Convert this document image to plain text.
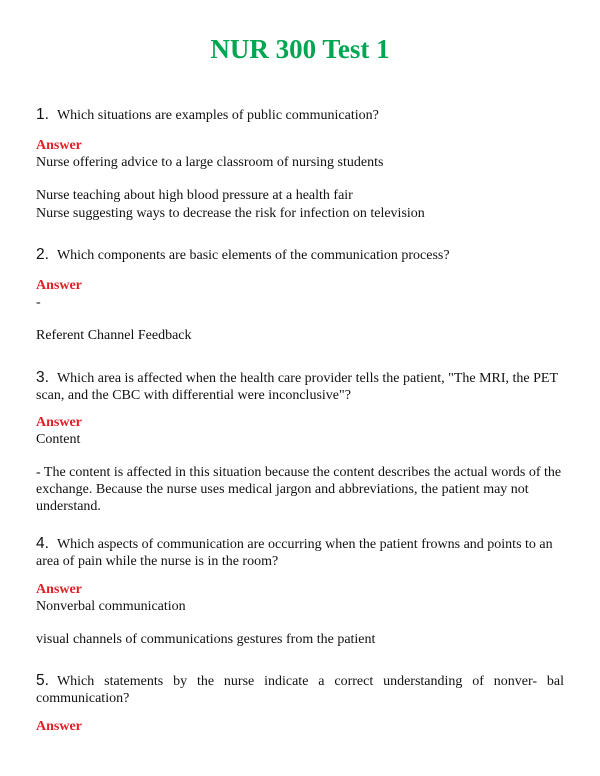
NUR 300 Test 1
1. Which situations are examples of public communication?
Answer
Nurse offering advice to a large classroom of nursing students
Nurse teaching about high blood pressure at a health fair
Nurse suggesting ways to decrease the risk for infection on television
2. Which components are basic elements of the communication process?
Answer
-
Referent Channel Feedback
3. Which area is affected when the health care provider tells the patient, "The MRI, the PET scan, and the CBC with differential were inconclusive"?
Answer
Content
- The content is affected in this situation because the content describes the actual words of the exchange. Because the nurse uses medical jargon and abbreviations, the patient may not understand.
4. Which aspects of communication are occurring when the patient frowns and points to an area of pain while the nurse is in the room?
Answer
Nonverbal communication
visual channels of communications gestures from the patient
5. Which statements by the nurse indicate a correct understanding of nonver- bal communication?
Answer
